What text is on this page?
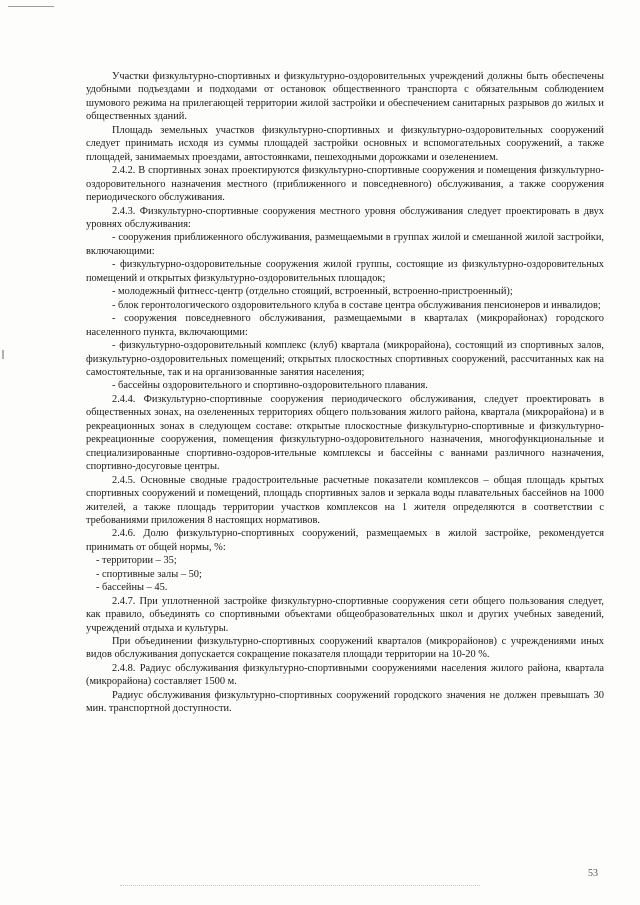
Участки физкультурно-спортивных и физкультурно-оздоровительных учреждений должны быть обеспечены удобными подъездами и подходами от остановок общественного транспорта с обязательным соблюдением шумового режима на прилегающей территории жилой застройки и обеспечением санитарных разрывов до жилых и общественных зданий.

Площадь земельных участков физкультурно-спортивных и физкультурно-оздоровительных сооружений следует принимать исходя из суммы площадей застройки основных и вспомогательных сооружений, а также площадей, занимаемых проездами, автостоянками, пешеходными дорожками и озеленением.

2.4.2. В спортивных зонах проектируются физкультурно-спортивные сооружения и помещения физкультурно-оздоровительного назначения местного (приближенного и повседневного) обслуживания, а также сооружения периодического обслуживания.

2.4.3. Физкультурно-спортивные сооружения местного уровня обслуживания следует проектировать в двух уровнях обслуживания:

- сооружения приближенного обслуживания, размещаемыми в группах жилой и смешанной жилой застройки, включающими:

- физкультурно-оздоровительные сооружения жилой группы, состоящие из физкультурно-оздоровительных помещений и открытых физкультурно-оздоровительных площадок;

- молодежный фитнесс-центр (отдельно стоящий, встроенный, встроенно-пристроенный);

- блок геронтологического оздоровительного клуба в составе центра обслуживания пенсионеров и инвалидов;

- сооружения повседневного обслуживания, размещаемыми в кварталах (микрорайонах) городского населенного пункта, включающими:

- физкультурно-оздоровительный комплекс (клуб) квартала (микрорайона), состоящий из спортивных залов, физкультурно-оздоровительных помещений; открытых плоскостных спортивных сооружений, рассчитанных как на самостоятельные, так и на организованные занятия населения;

- бассейны оздоровительного и спортивно-оздоровительного плавания.

2.4.4. Физкультурно-спортивные сооружения периодического обслуживания, следует проектировать в общественных зонах, на озелененных территориях общего пользования жилого района, квартала (микрорайона) и в рекреационных зонах в следующем составе: открытые плоскостные физкультурно-спортивные и физкультурно-рекреационные сооружения, помещения физкультурно-оздоровительного назначения, многофункциональные и специализированные спортивно-оздоров-ительные комплексы и бассейны с ваннами различного назначения, спортивно-досуговые центры.

2.4.5. Основные сводные градостроительные расчетные показатели комплексов – общая площадь крытых спортивных сооружений и помещений, площадь спортивных залов и зеркала воды плавательных бассейнов на 1000 жителей, а также площадь территории участков комплексов на 1 жителя определяются в соответствии с требованиями приложения 8 настоящих нормативов.

2.4.6. Долю физкультурно-спортивных сооружений, размещаемых в жилой застройке, рекомендуется принимать от общей нормы, %:

- территории – 35;

- спортивные залы – 50;

- бассейны – 45.

2.4.7. При уплотненной застройке физкультурно-спортивные сооружения сети общего пользования следует, как правило, объединять со спортивными объектами общеобразовательных школ и других учебных заведений, учреждений отдыха и культуры.

При объединении физкультурно-спортивных сооружений кварталов (микрорайонов) с учреждениями иных видов обслуживания допускается сокращение показателя площади территории на 10-20 %.

2.4.8. Радиус обслуживания физкультурно-спортивными сооружениями населения жилого района, квартала (микрорайона) составляет 1500 м.

Радиус обслуживания физкультурно-спортивных сооружений городского значения не должен превышать 30 мин. транспортной доступности.

53
